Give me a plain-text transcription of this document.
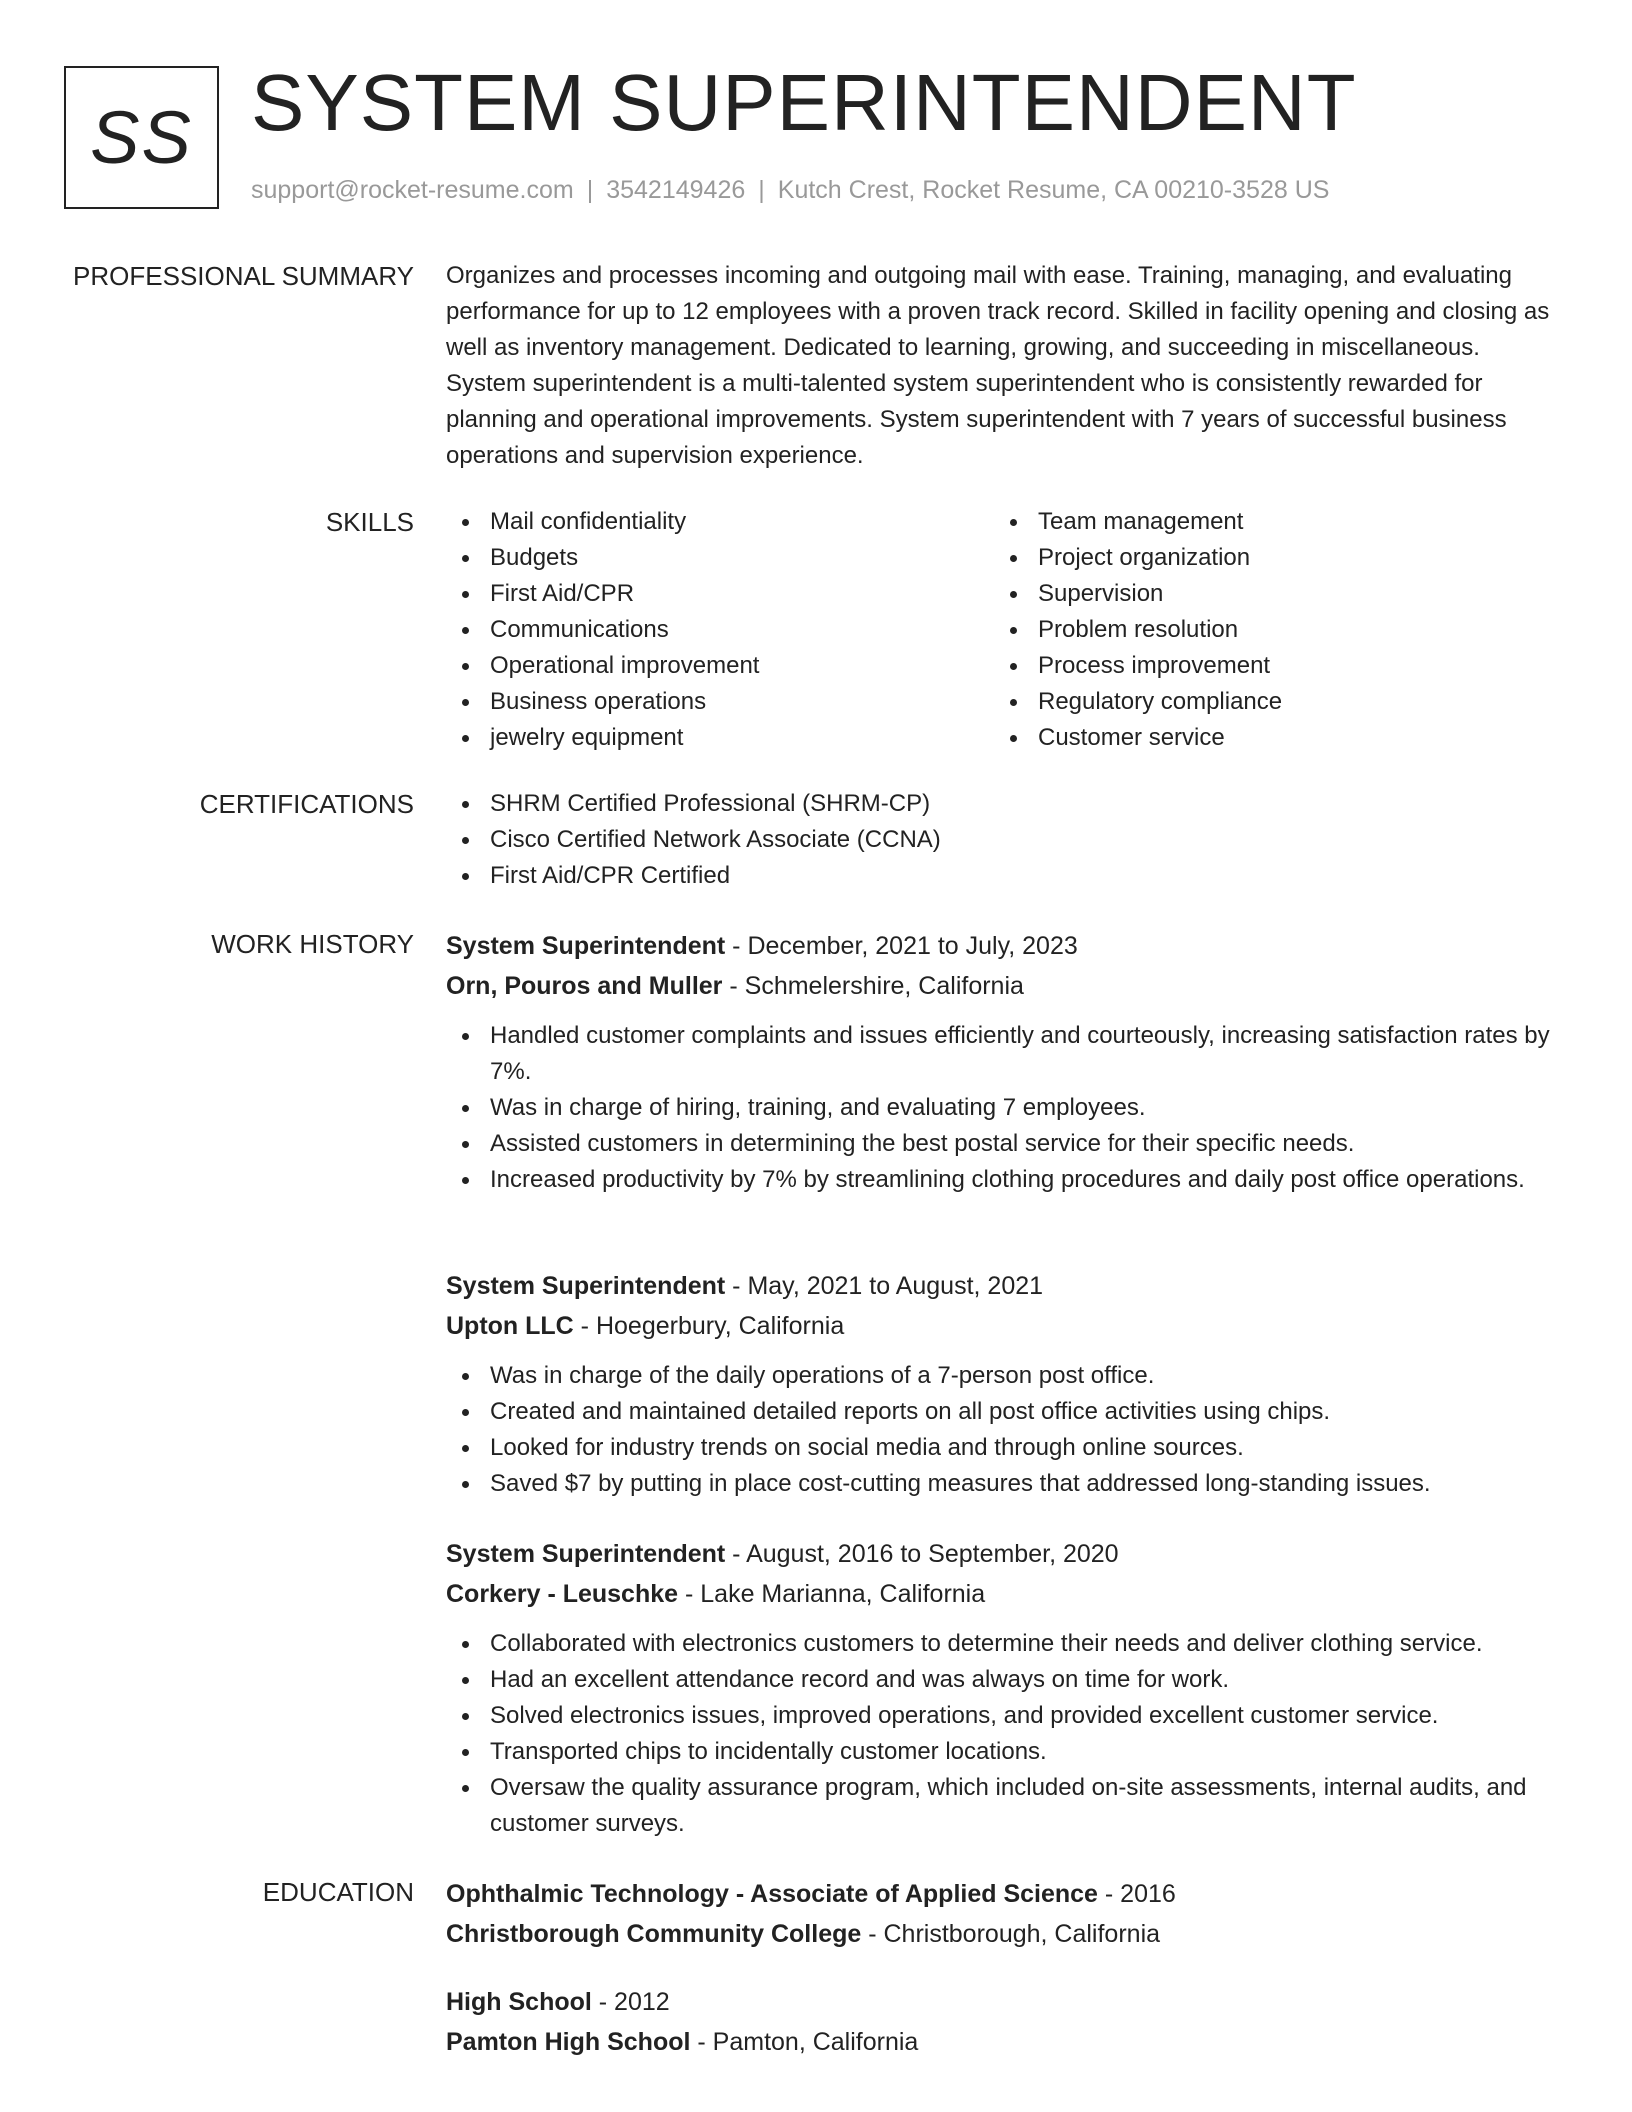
SS SYSTEM SUPERINTENDENT
support@rocket-resume.com | 3542149426 | Kutch Crest, Rocket Resume, CA 00210-3528 US
PROFESSIONAL SUMMARY Organizes and processes incoming and outgoing mail with ease. Training, managing, and evaluating performance for up to 12 employees with a proven track record. Skilled in facility opening and closing as well as inventory management. Dedicated to learning, growing, and succeeding in miscellaneous. System superintendent is a multi-talented system superintendent who is consistently rewarded for planning and operational improvements. System superintendent with 7 years of successful business operations and supervision experience.

SKILLS	Mail confidentiality
Budgets
First Aid/CPR
Communications
Operational improvement
Business operations
jewelry equipment
Team management
Project organization
Supervision
Problem resolution
Process improvement
Regulatory compliance
Customer service
CERTIFICATIONS	SHRM Certified Professional (SHRM-CP)
Cisco Certified Network Associate (CCNA)
First Aid/CPR Certified
WORK HISTORY System Superintendent - December, 2021 to July, 2023
Orn, Pouros and Muller - Schmelershire, California
Handled customer complaints and issues efficiently and courteously, increasing satisfaction rates by 7%.
Was in charge of hiring, training, and evaluating 7 employees.
Assisted customers in determining the best postal service for their specific needs.
Increased productivity by 7% by streamlining clothing procedures and daily post office operations.
System Superintendent - May, 2021 to August, 2021
Upton LLC - Hoegerbury, California
Was in charge of the daily operations of a 7-person post office.
Created and maintained detailed reports on all post office activities using chips.
Looked for industry trends on social media and through online sources.
Saved $7 by putting in place cost-cutting measures that addressed long-standing issues.
System Superintendent - August, 2016 to September, 2020
Corkery - Leuschke - Lake Marianna, California
Collaborated with electronics customers to determine their needs and deliver clothing service.
Had an excellent attendance record and was always on time for work.
Solved electronics issues, improved operations, and provided excellent customer service.
Transported chips to incidentally customer locations.
Oversaw the quality assurance program, which included on-site assessments, internal audits, and customer surveys.
EDUCATION Ophthalmic Technology - Associate of Applied Science - 2016
Christborough Community College - Christborough, California
High School - 2012
Pamton High School - Pamton, California
